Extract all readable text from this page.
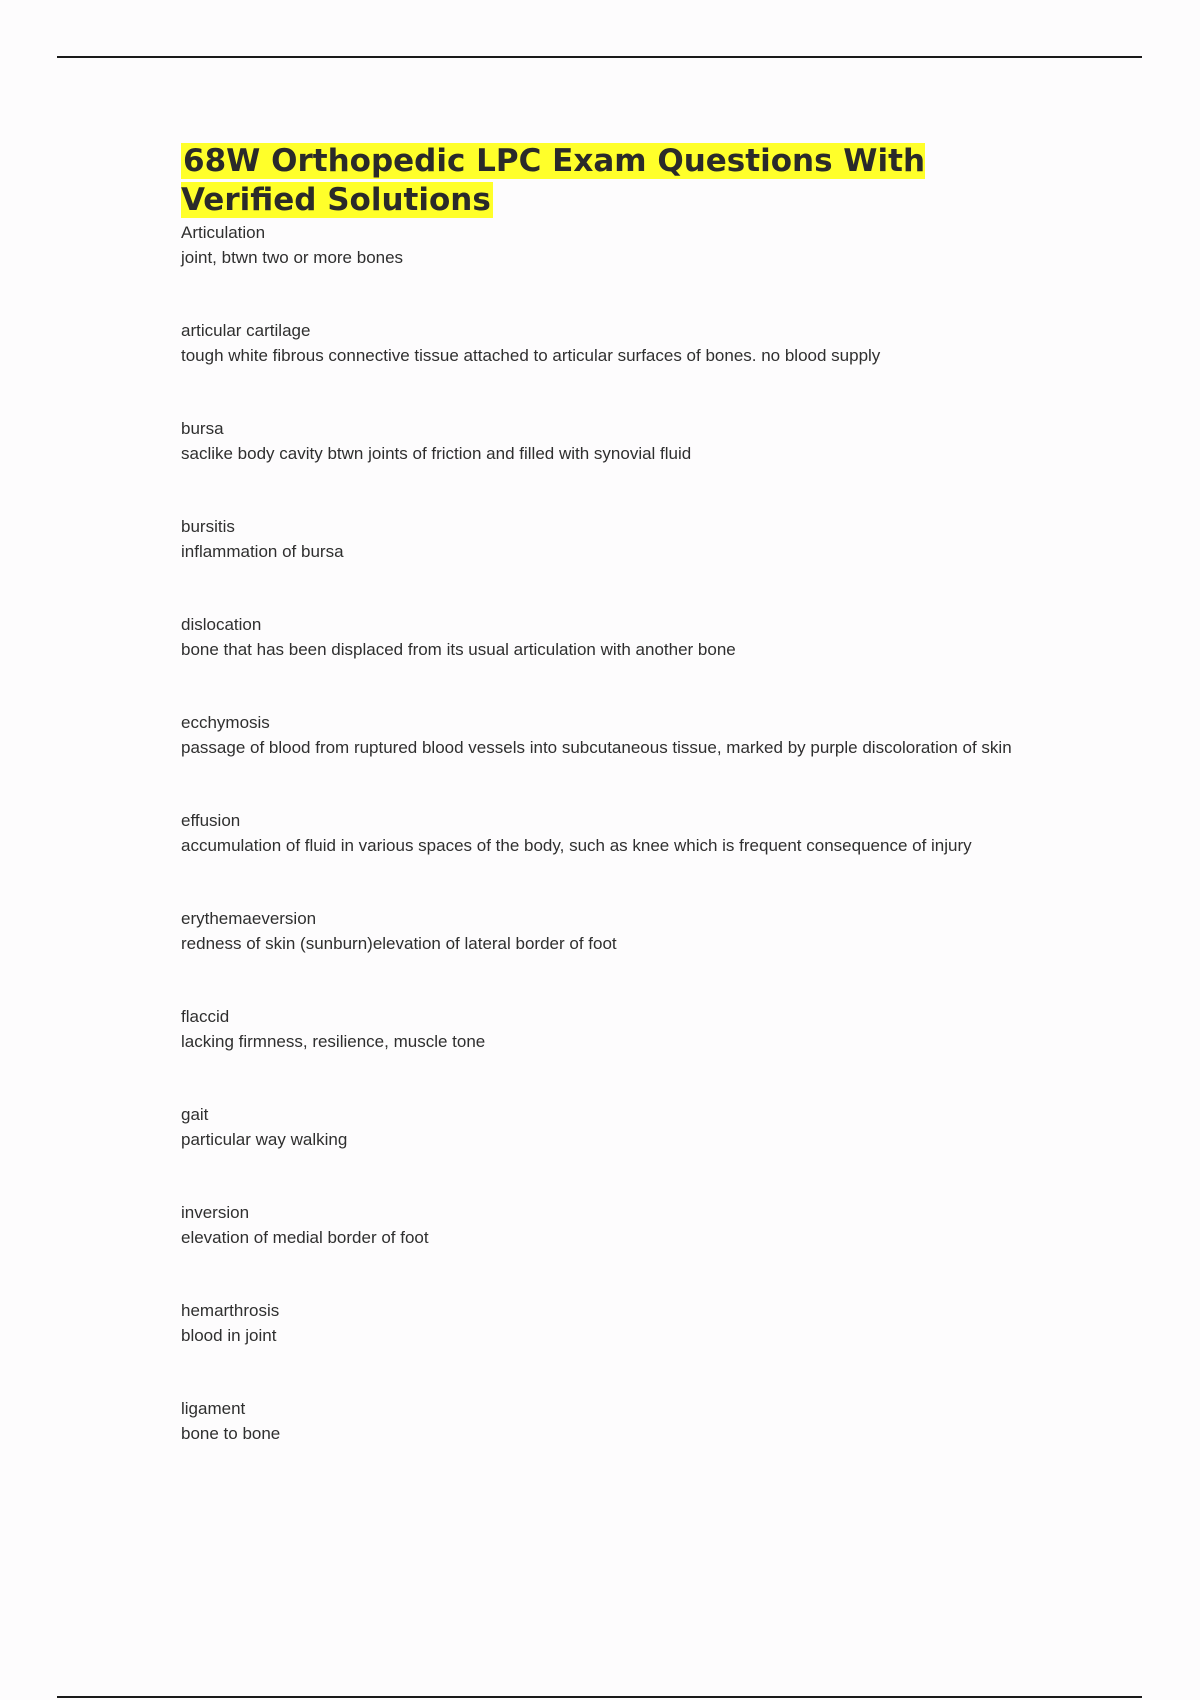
68W Orthopedic LPC Exam Questions With Verified Solutions
Articulation
joint, btwn two or more bones
articular cartilage
tough white fibrous connective tissue attached to articular surfaces of bones. no blood supply
bursa
saclike body cavity btwn joints of friction and filled with synovial fluid
bursitis
inflammation of bursa
dislocation
bone that has been displaced from its usual articulation with another bone
ecchymosis
passage of blood from ruptured blood vessels into subcutaneous tissue, marked by purple discoloration of skin
effusion
accumulation of fluid in various spaces of the body, such as knee which is frequent consequence of injury
erythemaeversion
redness of skin (sunburn)elevation of lateral border of foot
flaccid
lacking firmness, resilience, muscle tone
gait
particular way walking
inversion
elevation of medial border of foot
hemarthrosis
blood in joint
ligament
bone to bone
